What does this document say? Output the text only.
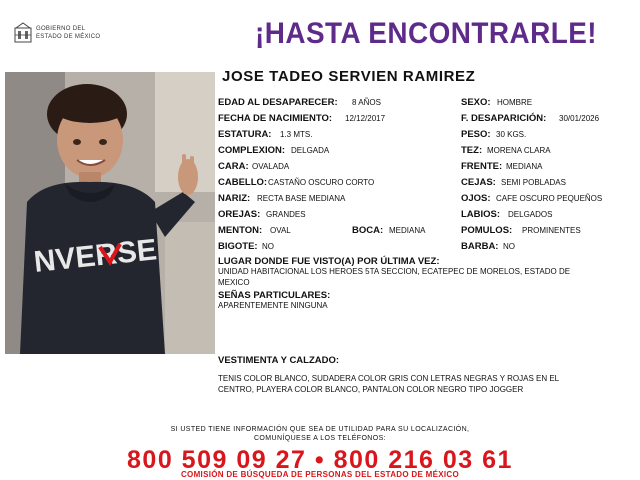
GOBIERNO DEL
ESTADO DE MÉXICO	¡HASTA ENCONTRARLE!
NVERSE
JOSE TADEO SERVIEN RAMIREZ
EDAD AL DESAPARECER: 8 AÑOS	SEXO: HOMBRE
FECHA DE NACIMIENTO: 12/12/2017	F. DESAPARICIÓN: 30/01/2026
ESTATURA: 1.3 MTS.	PESO: 30 KGS.
COMPLEXION: DELGADA	TEZ: MORENA CLARA
CARA: OVALADA	FRENTE: MEDIANA
CABELLO: CASTAÑO OSCURO CORTO	CEJAS: SEMI POBLADAS
NARIZ: RECTA BASE MEDIANA	OJOS: CAFE OSCURO PEQUEÑOS
OREJAS: GRANDES	LABIOS: DELGADOS
MENTON: OVAL	BOCA: MEDIANA	POMULOS: PROMINENTES
BIGOTE: NO	BARBA: NO
LUGAR DONDE FUE VISTO(A) POR ÚLTIMA VEZ:
UNIDAD HABITACIONAL LOS HEROES 5TA SECCION, ECATEPEC DE MORELOS, ESTADO DE
MEXICO
SEÑAS PARTICULARES:
APARENTEMENTE NINGUNA
VESTIMENTA Y CALZADO:
TENIS COLOR BLANCO, SUDADERA COLOR GRIS CON LETRAS NEGRAS Y ROJAS EN EL
CENTRO, PLAYERA COLOR BLANCO, PANTALON COLOR NEGRO TIPO JOGGER
SI USTED TIENE INFORMACIÓN QUE SEA DE UTILIDAD PARA SU LOCALIZACIÓN,
COMUNÍQUESE A LOS TELÉFONOS:
800 509 09 27 • 800 216 03 61
COMISIÓN DE BÚSQUEDA DE PERSONAS DEL ESTADO DE MÉXICO
